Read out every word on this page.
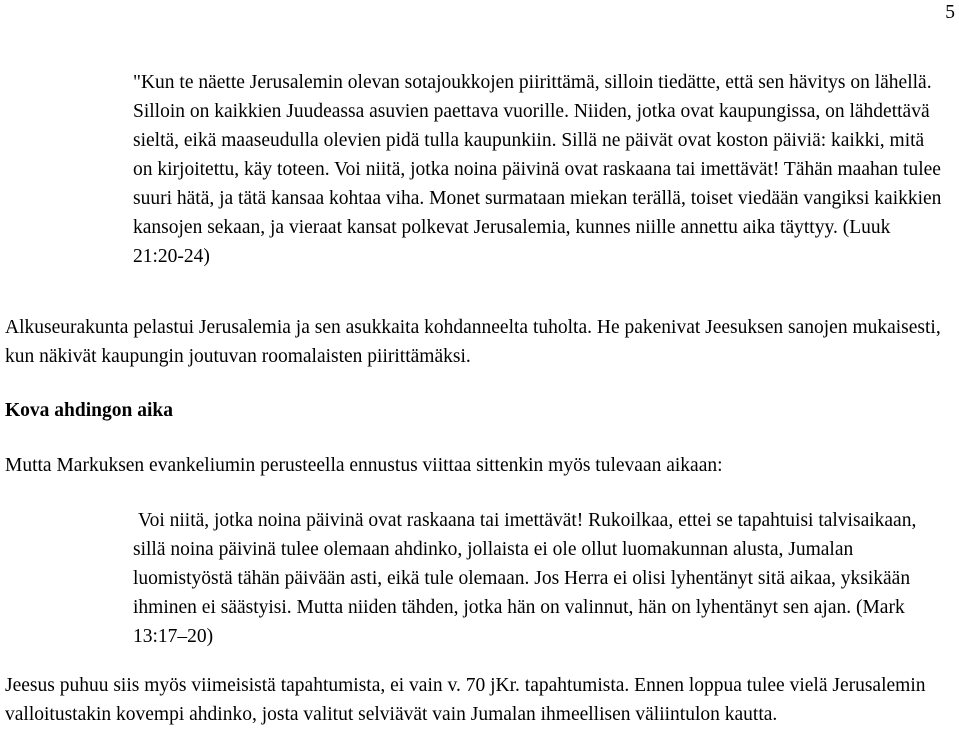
5

"Kun te näette Jerusalemin olevan sotajoukkojen piirittämä, silloin tiedätte, että sen hävitys on lähellä. Silloin on kaikkien Juudeassa asuvien paettava vuorille. Niiden, jotka ovat kaupungissa, on lähdettävä sieltä, eikä maaseudulla olevien pidä tulla kaupunkiin. Sillä ne päivät ovat koston päiviä: kaikki, mitä on kirjoitettu, käy toteen. Voi niitä, jotka noina päivinä ovat raskaana tai imettävät! Tähän maahan tulee suuri hätä, ja tätä kansaa kohtaa viha. Monet surmataan miekan terällä, toiset viedään vangiksi kaikkien kansojen sekaan, ja vieraat kansat polkevat Jerusalemia, kunnes niille annettu aika täyttyy. (Luuk 21:20-24)

Alkuseurakunta pelastui Jerusalemia ja sen asukkaita kohdanneelta tuholta. He pakenivat Jeesuksen sanojen mukaisesti, kun näkivät kaupungin joutuvan roomalaisten piirittämäksi.

Kova ahdingon aika

Mutta Markuksen evankeliumin perusteella ennustus viittaa sittenkin myös tulevaan aikaan:

Voi niitä, jotka noina päivinä ovat raskaana tai imettävät! Rukoilkaa, ettei se tapahtuisi talvisaikaan, sillä noina päivinä tulee olemaan ahdinko, jollaista ei ole ollut luomakunnan alusta, Jumalan luomistyöstä tähän päivään asti, eikä tule olemaan. Jos Herra ei olisi lyhentänyt sitä aikaa, yksikään ihminen ei säästyisi. Mutta niiden tähden, jotka hän on valinnut, hän on lyhentänyt sen ajan. (Mark 13:17–20)

Jeesus puhuu siis myös viimeisistä tapahtumista, ei vain v. 70 jKr. tapahtumista. Ennen loppua tulee vielä Jerusalemin valloitustakin kovempi ahdinko, josta valitut selviävät vain Jumalan ihmeellisen väliintulon kautta.
